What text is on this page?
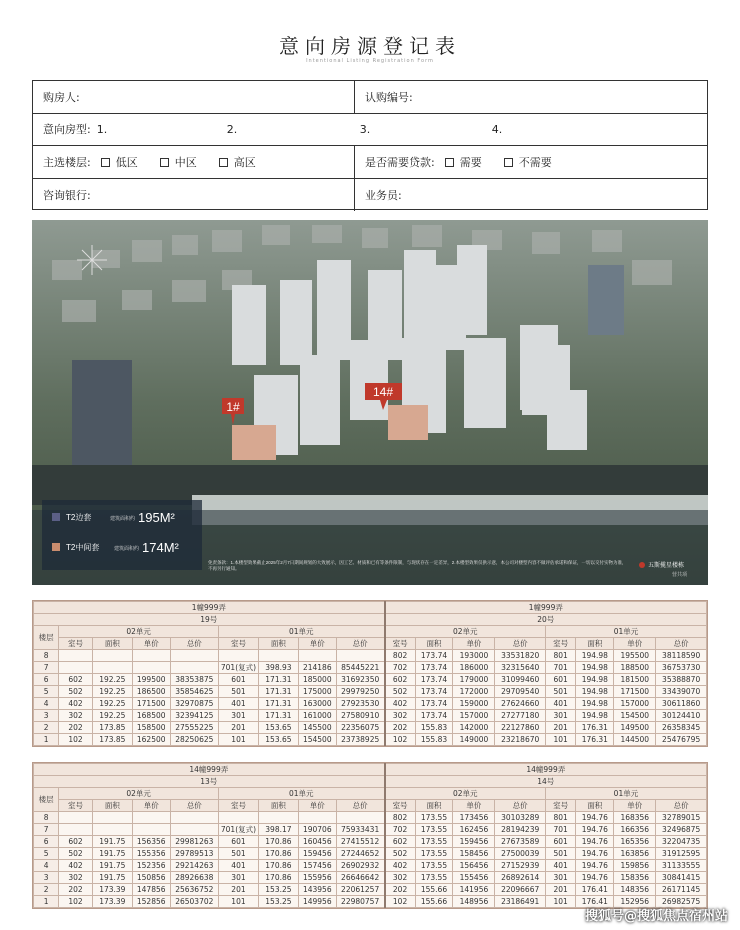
意向房源登记表
Intentional Listing Registration Form
购房人:	认购编号:
意向房型: 1.	2.	3.	4.
主选楼层:	低区	中区	高区	是否需要贷款:	需要	不需要
咨询银行:	业务员:
1#
14#
T2边套	建筑面积约 195M²
T2中间套	建筑面积约 174M²
免责条款：1.本楼型效果截止2025年2月7日期间规划的大致展示，因工艺、材质和已有等条件限制，与现状存在一定差异，2.本楼型效果仅供示意，本公司对楼型内容不做评估承诺和保证，一切以交付实物为准，不再另行通知。	五斯揽星楼栋
营共项
1幢999弄									1幢999弄							
19号									20号							
楼层	02单元				01单元				02单元				01单元			
	室号	面积	单价	总价	室号	面积	单价	总价	室号	面积	单价	总价	室号	面积	单价	总价
8									802	173.74	193000	33531820	801	194.98	195500	38118590
7					701(复式)	398.93	214186	85445221	702	173.74	186000	32315640	701	194.98	188500	36753730
6	602	192.25	199500	38353875	601	171.31	185000	31692350	602	173.74	179000	31099460	601	194.98	181500	35388870
5	502	192.25	186500	35854625	501	171.31	175000	29979250	502	173.74	172000	29709540	501	194.98	171500	33439070
4	402	192.25	171500	32970875	401	171.31	163000	27923530	402	173.74	159000	27624660	401	194.98	157000	30611860
3	302	192.25	168500	32394125	301	171.31	161000	27580910	302	173.74	157000	27277180	301	194.98	154500	30124410
2	202	173.85	158500	27555225	201	153.65	145500	22356075	202	155.83	142000	22127860	201	176.31	149500	26358345
1	102	173.85	162500	28250625	101	153.65	154500	23738925	102	155.83	149000	23218670	101	176.31	144500	25476795
14幢999弄									14幢999弄							
13号									14号							
楼层	02单元				01单元				02单元				01单元			
	室号	面积	单价	总价	室号	面积	单价	总价	室号	面积	单价	总价	室号	面积	单价	总价
8									802	173.55	173456	30103289	801	194.76	168356	32789015
7					701(复式)	398.17	190706	75933431	702	173.55	162456	28194239	701	194.76	166356	32496875
6	602	191.75	156356	29981263	601	170.86	160456	27415512	602	173.55	159456	27673589	601	194.76	165356	32204735
5	502	191.75	155356	29789513	501	170.86	159456	27244652	502	173.55	158456	27500039	501	194.76	163856	31912595
4	402	191.75	152356	29214263	401	170.86	157456	26902932	402	173.55	156456	27152939	401	194.76	159856	31133555
3	302	191.75	150856	28926638	301	170.86	155956	26646642	302	173.55	155456	26892614	301	194.76	158356	30841415
2	202	173.39	147856	25636752	201	153.25	143956	22061257	202	155.66	141956	22096667	201	176.41	148356	26171145
1	102	173.39	152856	26503702	101	153.25	149956	22980757	102	155.66	148956	23186491	101	176.41	152956	26982575
搜狐号@搜狐焦点宿州站
